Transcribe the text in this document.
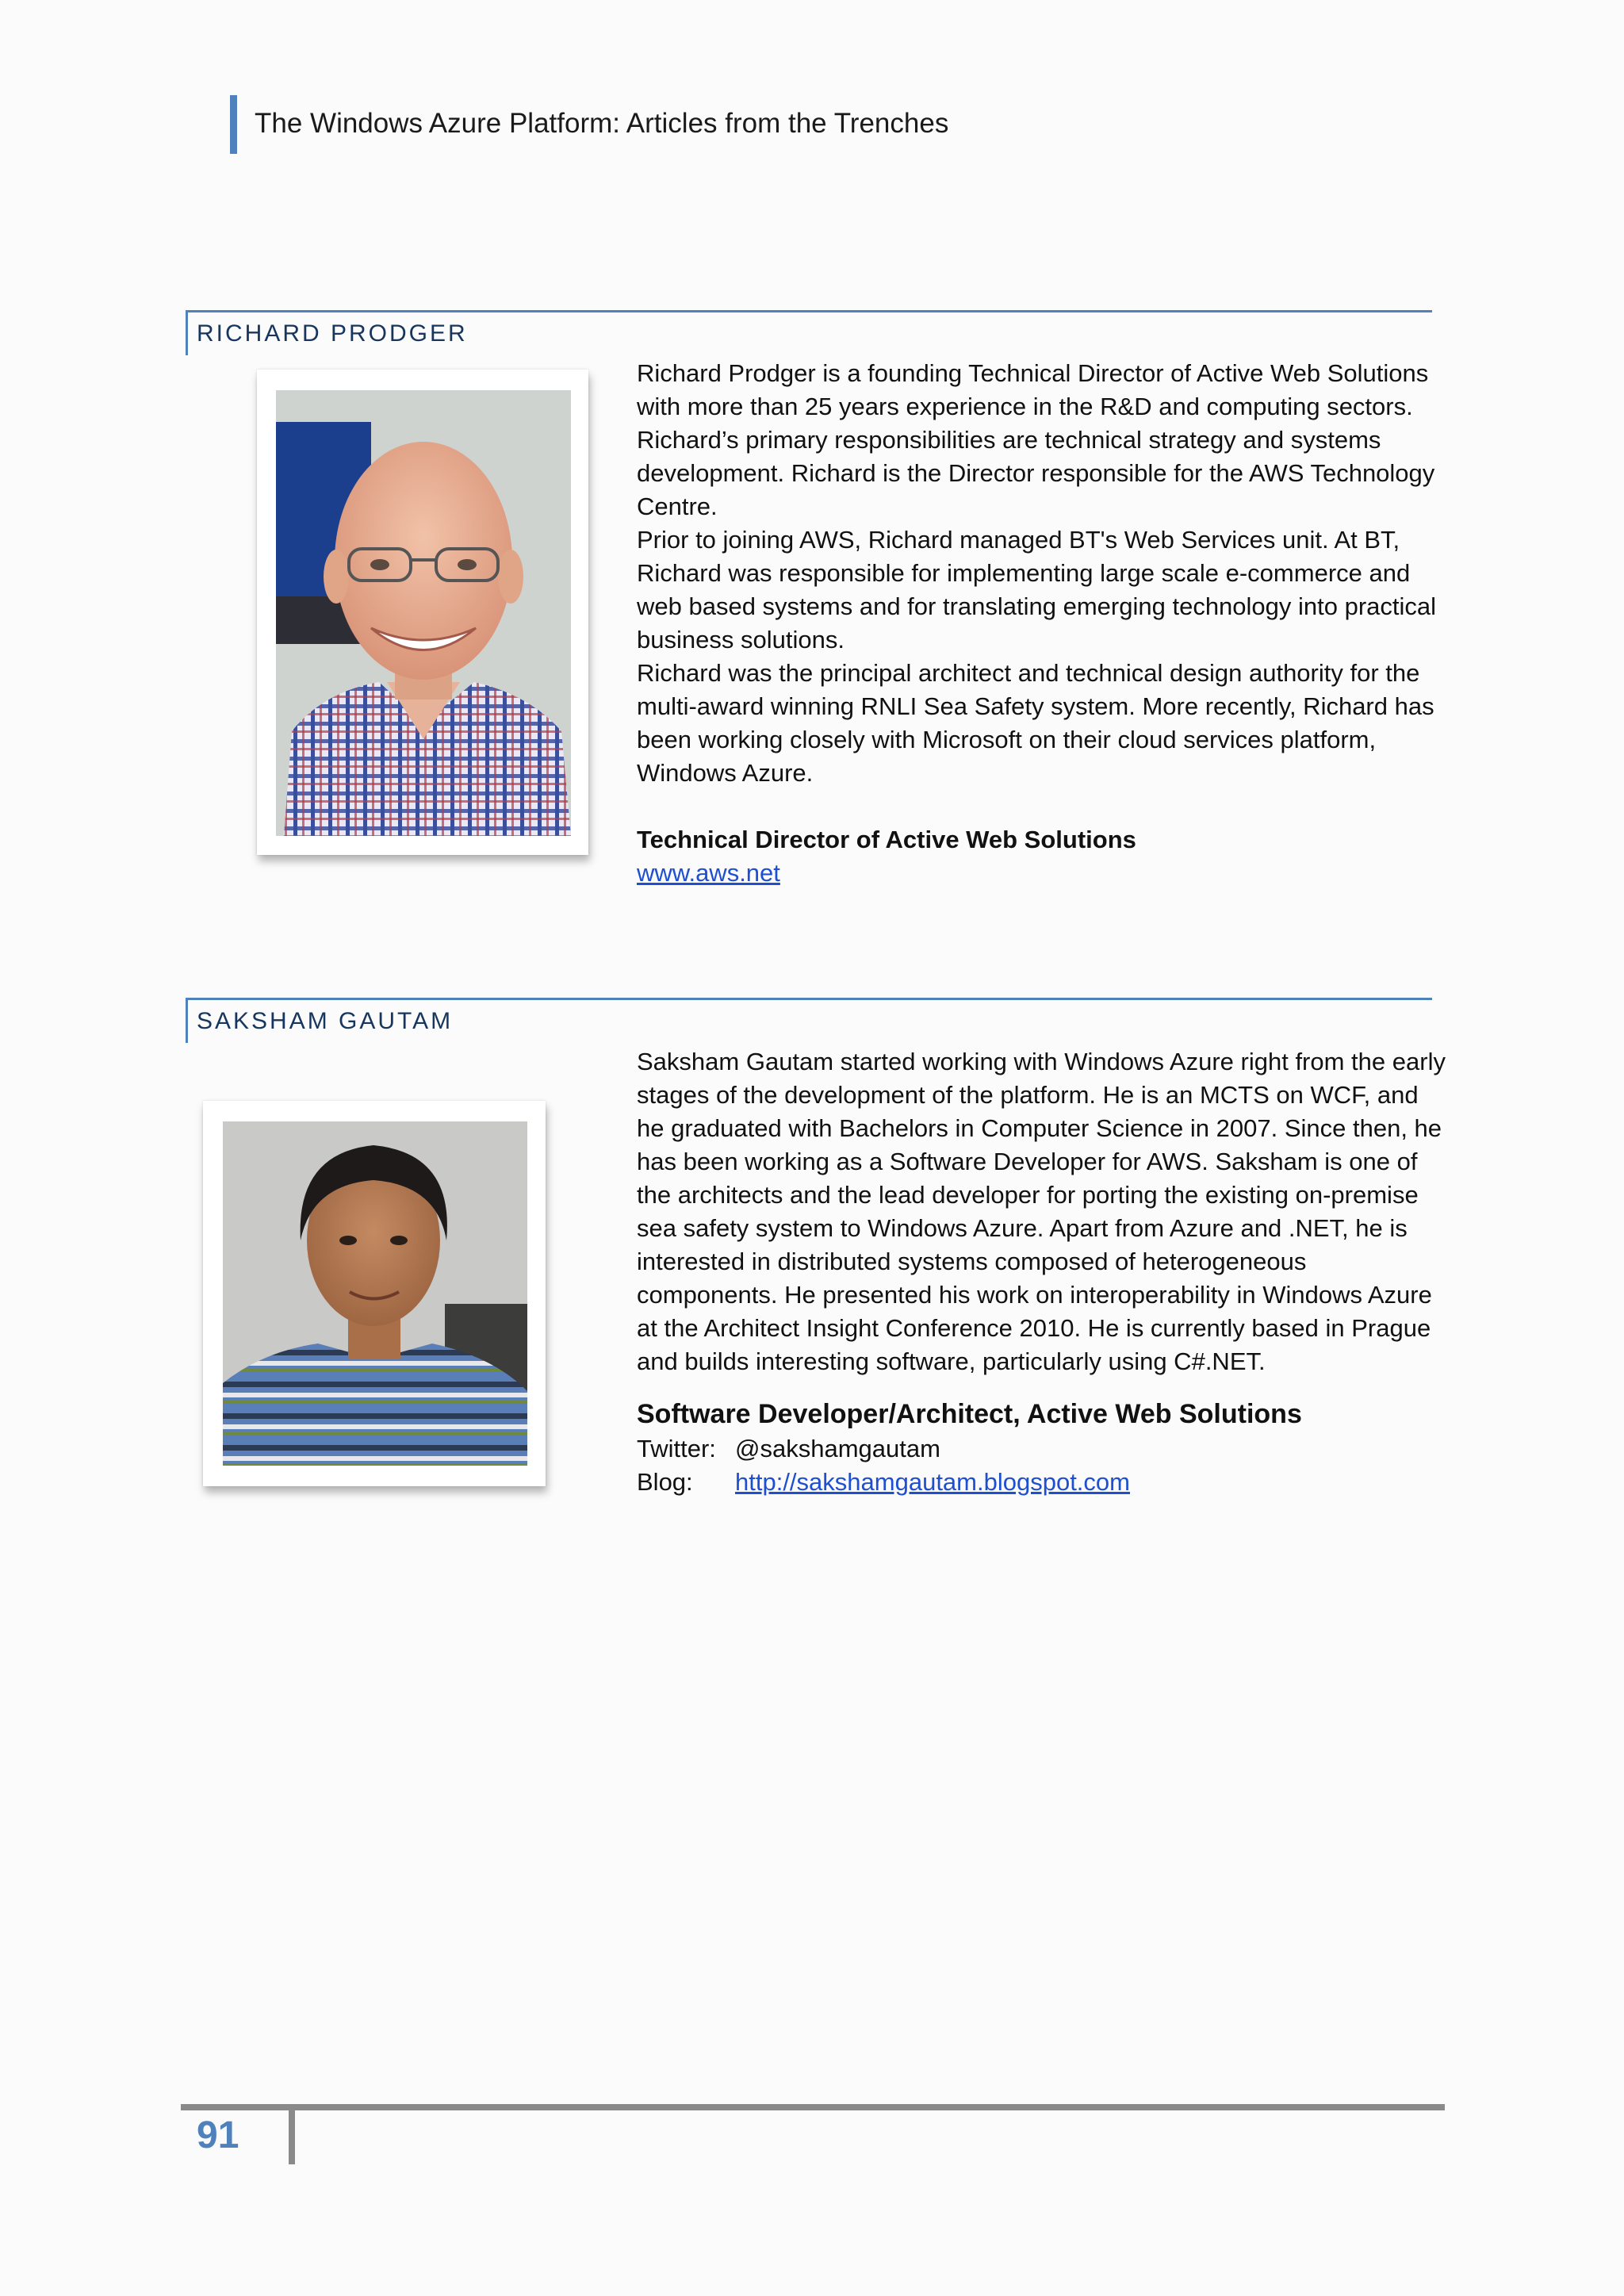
The Windows Azure Platform: Articles from the Trenches
RICHARD PRODGER

Richard Prodger is a founding Technical Director of Active Web Solutions with more than 25 years experience in the R&D and computing sectors. Richard’s primary responsibilities are technical strategy and systems development. Richard is the Director responsible for the AWS Technology Centre.

Prior to joining AWS, Richard managed BT's Web Services unit. At BT, Richard was responsible for implementing large scale e-commerce and web based systems and for translating emerging technology into practical business solutions.

Richard was the principal architect and technical design authority for the multi-award winning RNLI Sea Safety system. More recently, Richard has been working closely with Microsoft on their cloud services platform, Windows Azure.

Technical Director of Active Web Solutions

www.aws.net

SAKSHAM GAUTAM

Saksham Gautam started working with Windows Azure right from the early stages of the development of the platform. He is an MCTS on WCF, and he graduated with Bachelors in Computer Science in 2007. Since then, he has been working as a Software Developer for AWS. Saksham is one of the architects and the lead developer for porting the existing on-premise sea safety system to Windows Azure. Apart from Azure and .NET, he is interested in distributed systems composed of heterogeneous components. He presented his work on interoperability in Windows Azure at the Architect Insight Conference 2010. He is currently based in Prague and builds interesting software, particularly using C#.NET.

Software Developer/Architect, Active Web Solutions

Twitter: @sakshamgautam
Blog:	http://sakshamgautam.blogspot.com
91
